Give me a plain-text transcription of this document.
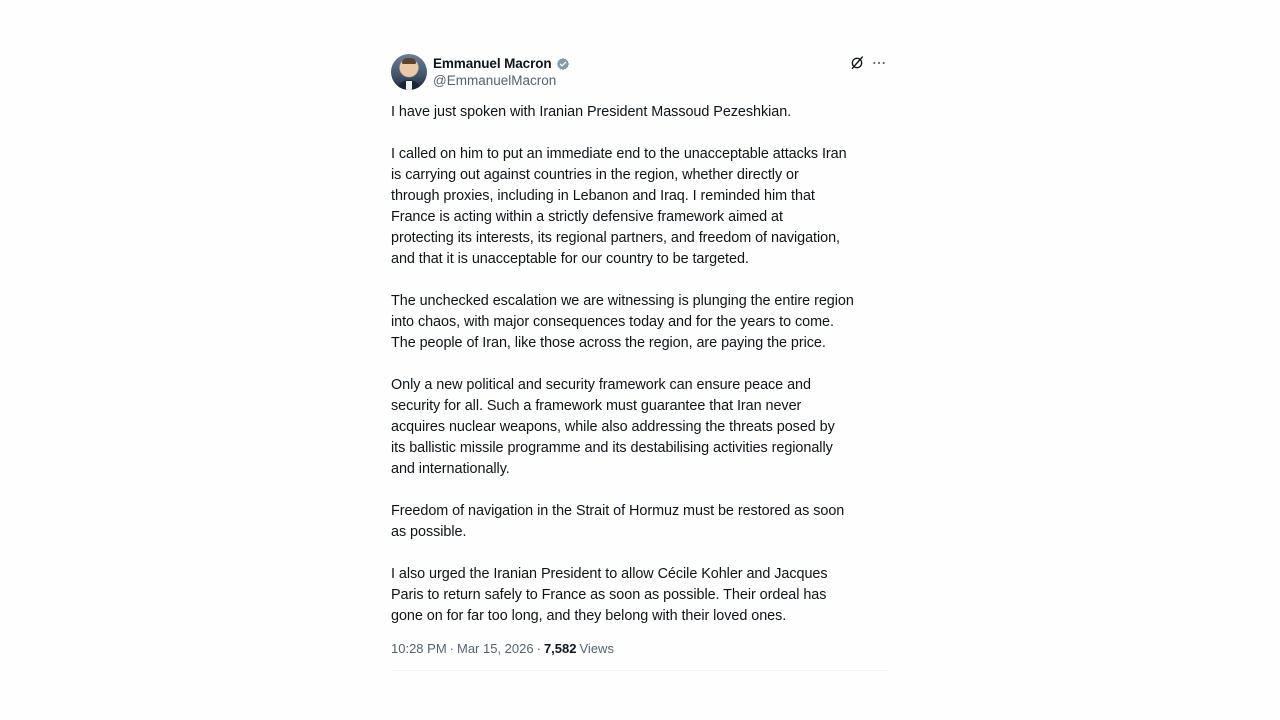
Emmanuel Macron
@EmmanuelMacron

I have just spoken with Iranian President Massoud Pezeshkian.

I called on him to put an immediate end to the unacceptable attacks Iran
is carrying out against countries in the region, whether directly or
through proxies, including in Lebanon and Iraq. I reminded him that
France is acting within a strictly defensive framework aimed at
protecting its interests, its regional partners, and freedom of navigation,
and that it is unacceptable for our country to be targeted.

The unchecked escalation we are witnessing is plunging the entire region
into chaos, with major consequences today and for the years to come.
The people of Iran, like those across the region, are paying the price.

Only a new political and security framework can ensure peace and
security for all. Such a framework must guarantee that Iran never
acquires nuclear weapons, while also addressing the threats posed by
its ballistic missile programme and its destabilising activities regionally
and internationally.

Freedom of navigation in the Strait of Hormuz must be restored as soon
as possible.

I also urged the Iranian President to allow Cécile Kohler and Jacques
Paris to return safely to France as soon as possible. Their ordeal has
gone on for far too long, and they belong with their loved ones.

10:28 PM · Mar 15, 2026 · 7,582 Views
